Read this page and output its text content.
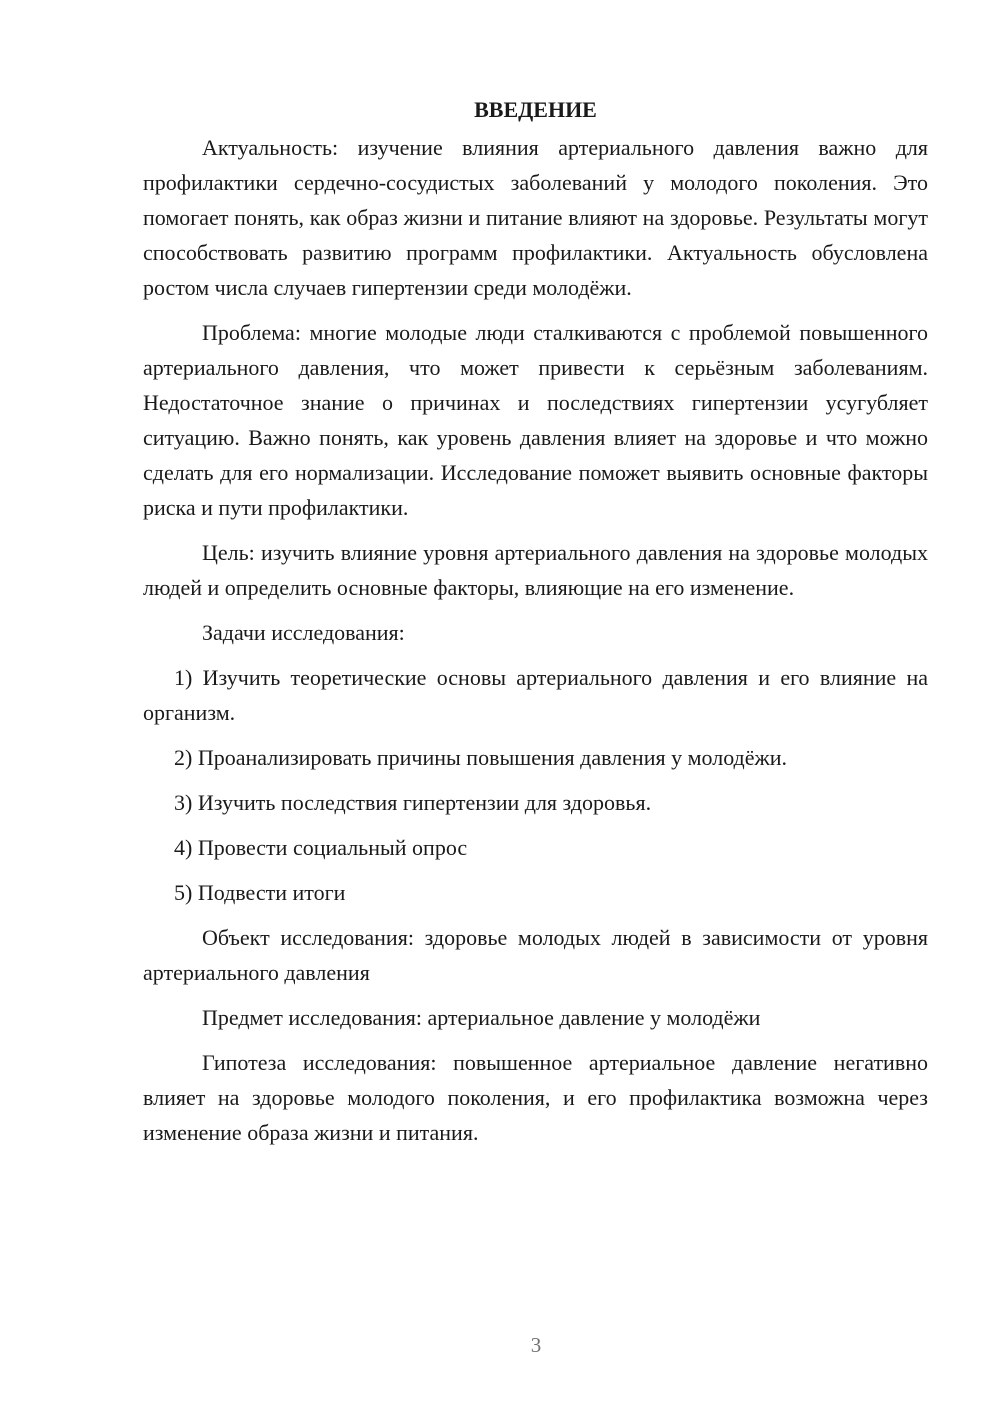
ВВЕДЕНИЕ

Актуальность: изучение влияния артериального давления важно для профилактики сердечно-сосудистых заболеваний у молодого поколения. Это помогает понять, как образ жизни и питание влияют на здоровье. Результаты могут способствовать развитию программ профилактики. Актуальность обусловлена ростом числа случаев гипертензии среди молодёжи.

Проблема: многие молодые люди сталкиваются с проблемой повышенного артериального давления, что может привести к серьёзным заболеваниям. Недостаточное знание о причинах и последствиях гипертензии усугубляет ситуацию. Важно понять, как уровень давления влияет на здоровье и что можно сделать для его нормализации. Исследование поможет выявить основные факторы риска и пути профилактики.

Цель: изучить влияние уровня артериального давления на здоровье молодых людей и определить основные факторы, влияющие на его изменение.

Задачи исследования:

1) Изучить теоретические основы артериального давления и его влияние на организм.

2) Проанализировать причины повышения давления у молодёжи.

3) Изучить последствия гипертензии для здоровья.

4) Провести социальный опрос

5) Подвести итоги

Объект исследования: здоровье молодых людей в зависимости от уровня артериального давления

Предмет исследования: артериальное давление у молодёжи

Гипотеза исследования: повышенное артериальное давление негативно влияет на здоровье молодого поколения, и его профилактика возможна через изменение образа жизни и питания.

3
